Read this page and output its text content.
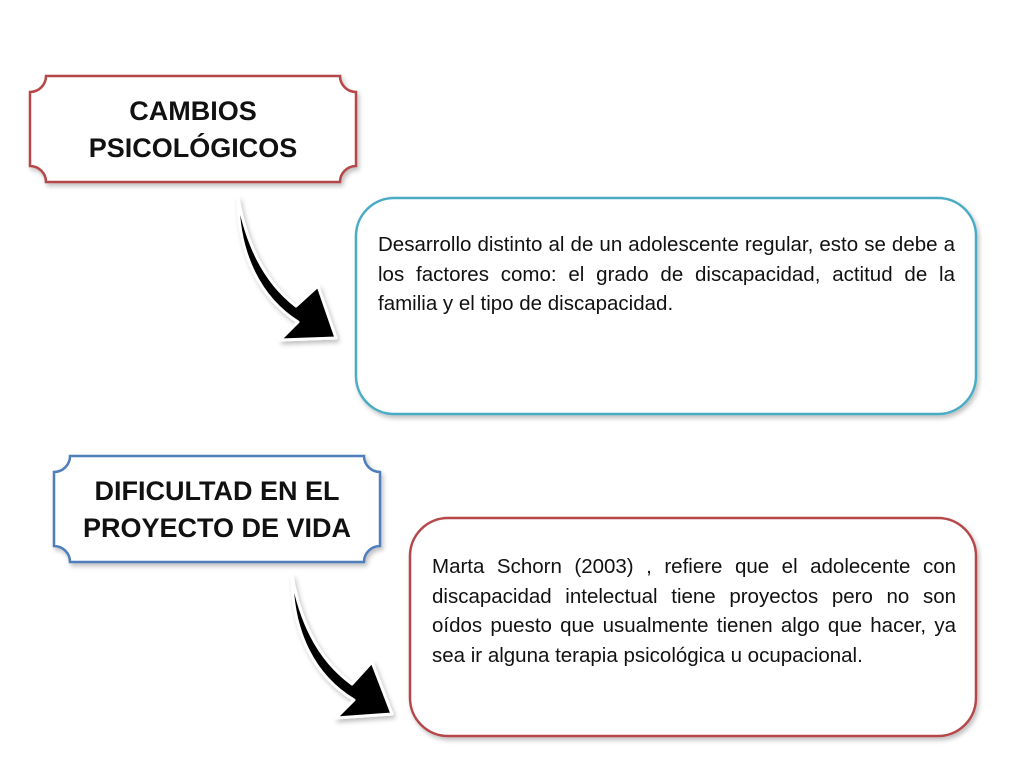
CAMBIOS
PSICOLÓGICOS
Desarrollo distinto al de un adolescente regular, esto se debe a los factores como: el grado de discapacidad, actitud de la familia y el tipo de discapacidad.
DIFICULTAD EN EL
PROYECTO DE VIDA
Marta Schorn (2003) , refiere que el adolecente con discapacidad intelectual tiene proyectos pero no son oídos puesto que usualmente tienen algo que hacer, ya sea ir alguna terapia psicológica u ocupacional.
